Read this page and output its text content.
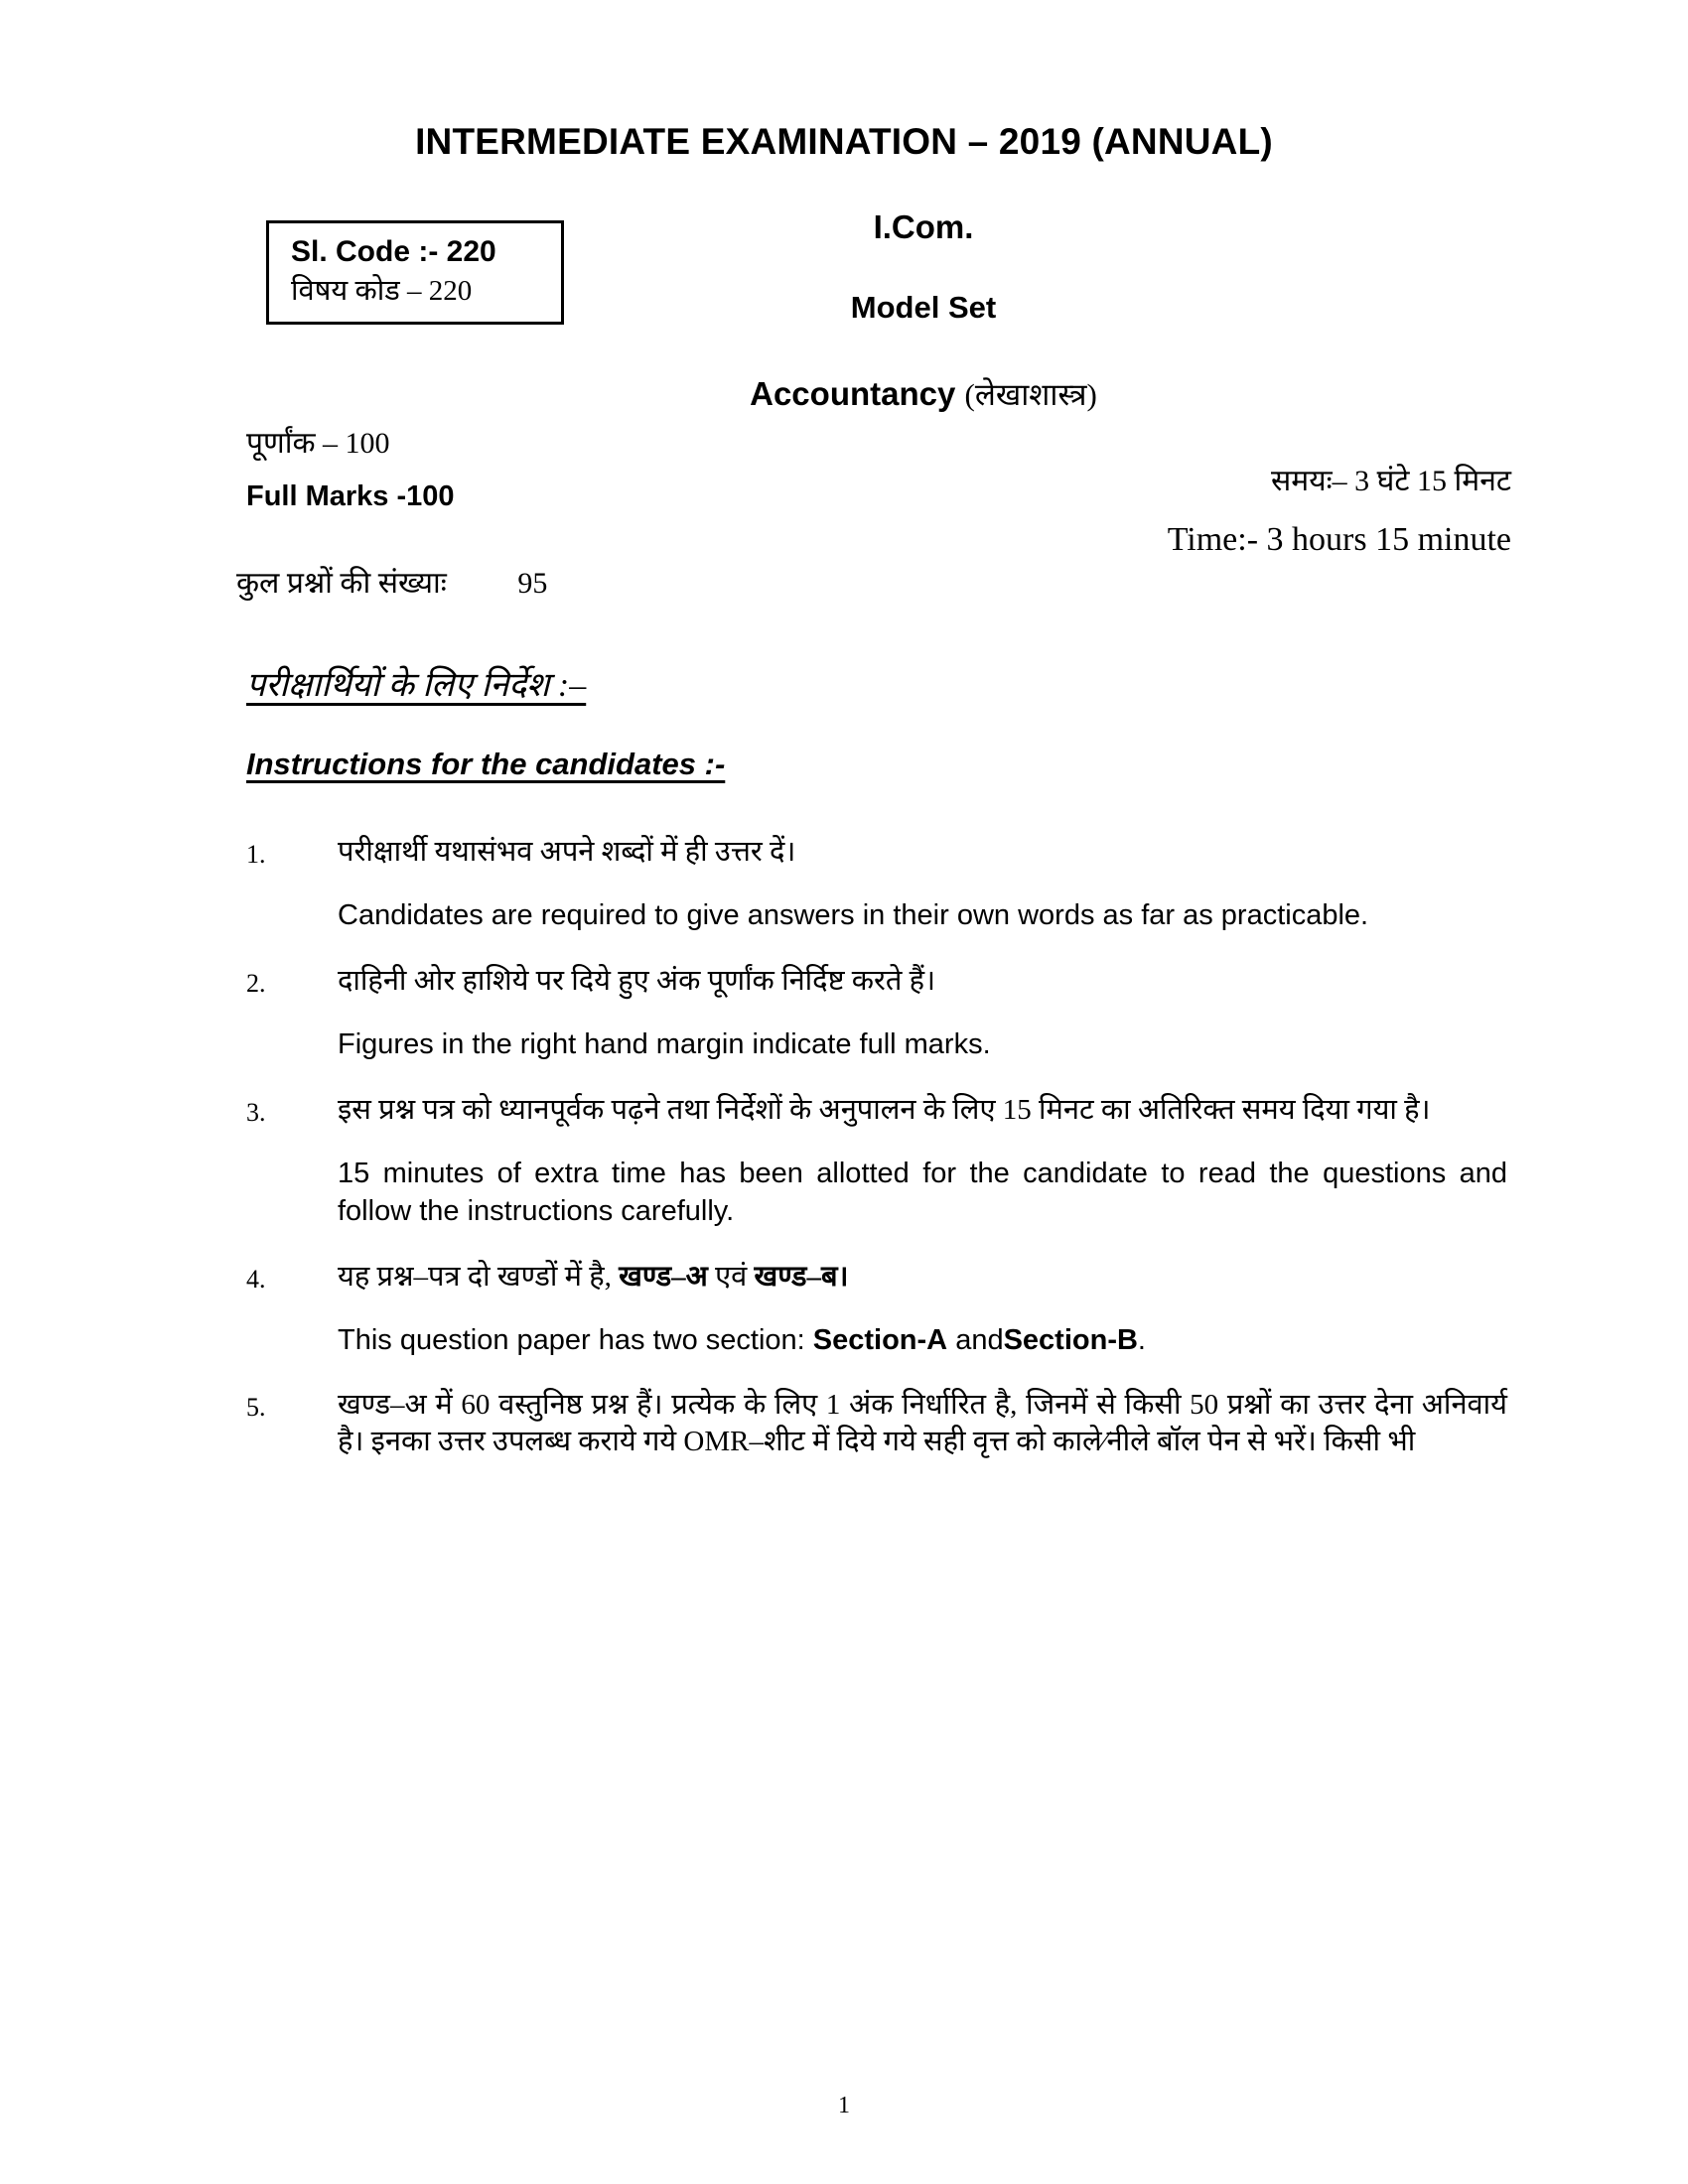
INTERMEDIATE EXAMINATION – 2019 (ANNUAL)
Sl. Code :- 220
विषय कोड – 220
I.Com.
Model Set
Accountancy (लेखाशास्त्र)
पूर्णांक – 100
Full Marks -100
कुल प्रश्नों की संख्याः 95
समयः– 3 घंटे 15 मिनट
Time:- 3 hours 15 minute
परीक्षार्थियों के लिए निर्देश :–
Instructions for the candidates :-
1.	परीक्षार्थी यथासंभव अपने शब्दों में ही उत्तर दें।
Candidates are required to give answers in their own words as far as practicable.
2.	दाहिनी ओर हाशिये पर दिये हुए अंक पूर्णांक निर्दिष्ट करते हैं।
Figures in the right hand margin indicate full marks.
3.	इस प्रश्न पत्र को ध्यानपूर्वक पढ़ने तथा निर्देशों के अनुपालन के लिए 15 मिनट का अतिरिक्त समय दिया गया है।
15 minutes of extra time has been allotted for the candidate to read the questions and follow the instructions carefully.
4.	यह प्रश्न–पत्र दो खण्डों में है, खण्ड–अ एवं खण्ड–ब।
This question paper has two section: Section-A andSection-B.
5.	खण्ड–अ में 60 वस्तुनिष्ठ प्रश्न हैं। प्रत्येक के लिए 1 अंक निर्धारित है, जिनमें से किसी 50 प्रश्नों का उत्तर देना अनिवार्य है। इनका उत्तर उपलब्ध कराये गये OMR–शीट में दिये गये सही वृत्त को काले⁄नीले बॉल पेन से भरें। किसी भी
1
